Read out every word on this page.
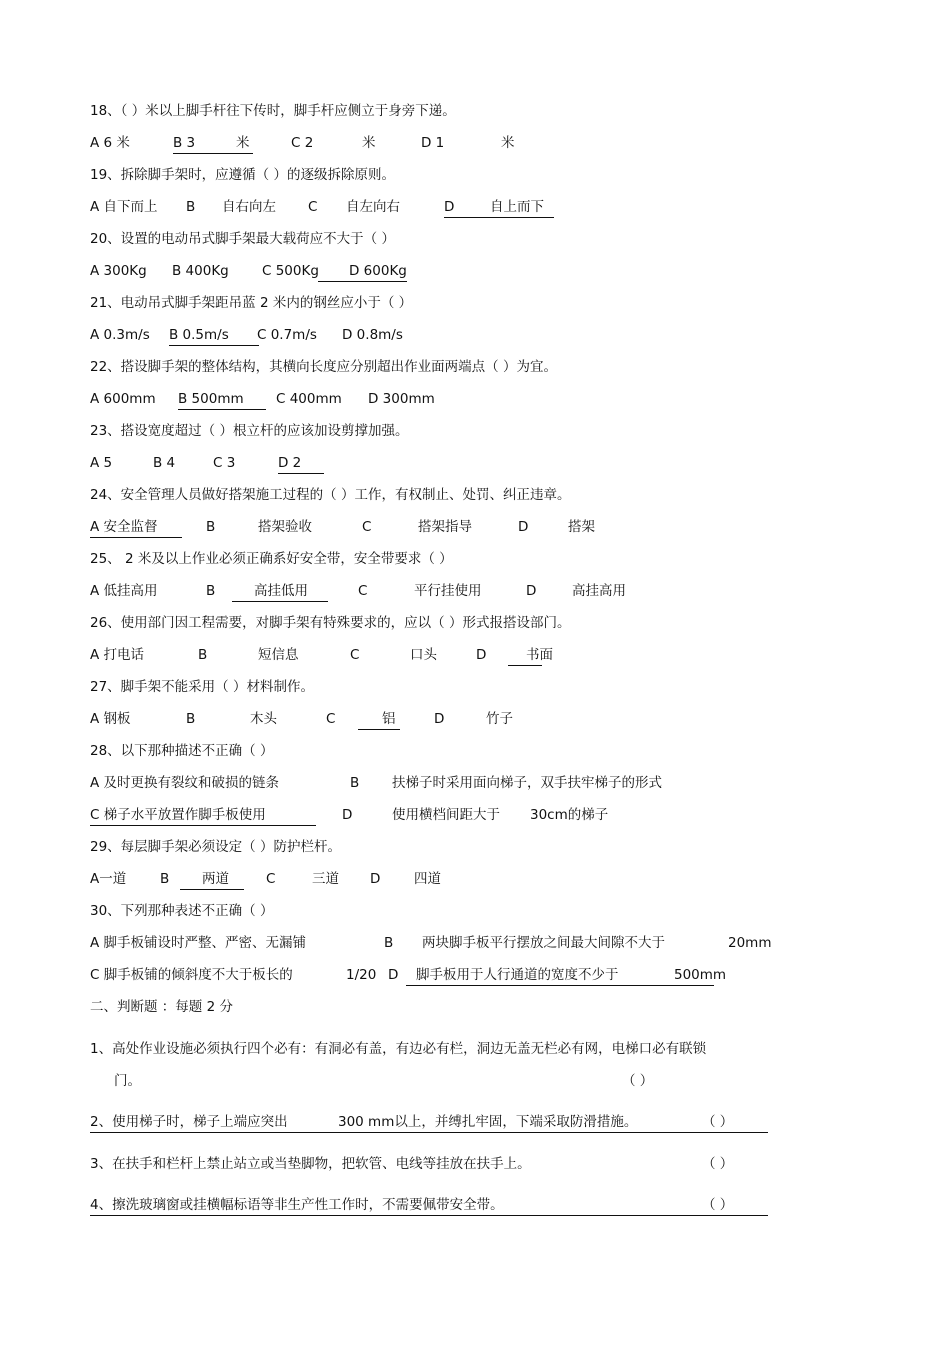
18、（ ）米以上脚手杆往下传时，脚手杆应侧立于身旁下递。
A 6 米	B 3	米	C 2	米	D 1	米
19、拆除脚手架时，应遵循（ ）的逐级拆除原则。
A 自下而上 B 自右向左 C 自左向右	D	自上而下
20、设置的电动吊式脚手架最大载荷应不大于（ ）
A 300Kg B 400Kg C 500Kg	D 600Kg
21、电动吊式脚手架距吊蓝 2 米内的钢丝应小于（ ）
A 0.3m/s B 0.5m/s	C 0.7m/s D 0.8m/s
22、搭设脚手架的整体结构，其横向长度应分别超出作业面两端点（ ）为宜。
A 600mm B 500mm	C 400mm D 300mm
23、搭设宽度超过（ ）根立杆的应该加设剪撑加强。
A 5	B 4	C 3	D 2
24、安全管理人员做好搭架施工过程的（ ）工作，有权制止、处罚、纠正违章。
A 安全监督	B	搭架验收	C	搭架指导	D	搭架
25、 2 米及以上作业必须正确系好安全带，安全带要求（ ）
A 低挂高用	B	高挂低用	C	平行挂使用	D	高挂高用
26、使用部门因工程需要，对脚手架有特殊要求的，应以（ ）形式报搭设部门。
A 打电话	B	短信息	C	口头	D	书面
27、脚手架不能采用（ ）材料制作。
A 钢板	B	木头	C	铝	D	竹子
28、以下那种描述不正确（ ）
A 及时更换有裂纹和破损的链条	B 扶梯子时采用面向梯子，双手扶牢梯子的形式
C 梯子水平放置作脚手板使用	D	使用横档间距大于 30cm的梯子
29、每层脚手架必须设定（ ）防护栏杆。
A一道	B	两道	C	三道 D 四道
30、下列那种表述不正确（ ）
A 脚手板铺设时严整、严密、无漏铺	B 两块脚手板平行摆放之间最大间隙不大于	20mm
C 脚手板铺的倾斜度不大于板长的	1/20 D	脚手板用于人行通道的宽度不少于	500mm
二、判断题 ：每题 2 分
1、高处作业设施必须执行四个必有：有洞必有盖，有边必有栏，洞边无盖无栏必有网，电梯口必有联锁
门。	（ ）
2、使用梯子时，梯子上端应突出	300 mm以上，并缚扎牢固，下端采取防滑措施。	（ ）
3、在扶手和栏杆上禁止站立或当垫脚物，把软管、电线等挂放在扶手上。	（ ）
4、擦洗玻璃窗或挂横幅标语等非生产性工作时，不需要佩带安全带。	（ ）
